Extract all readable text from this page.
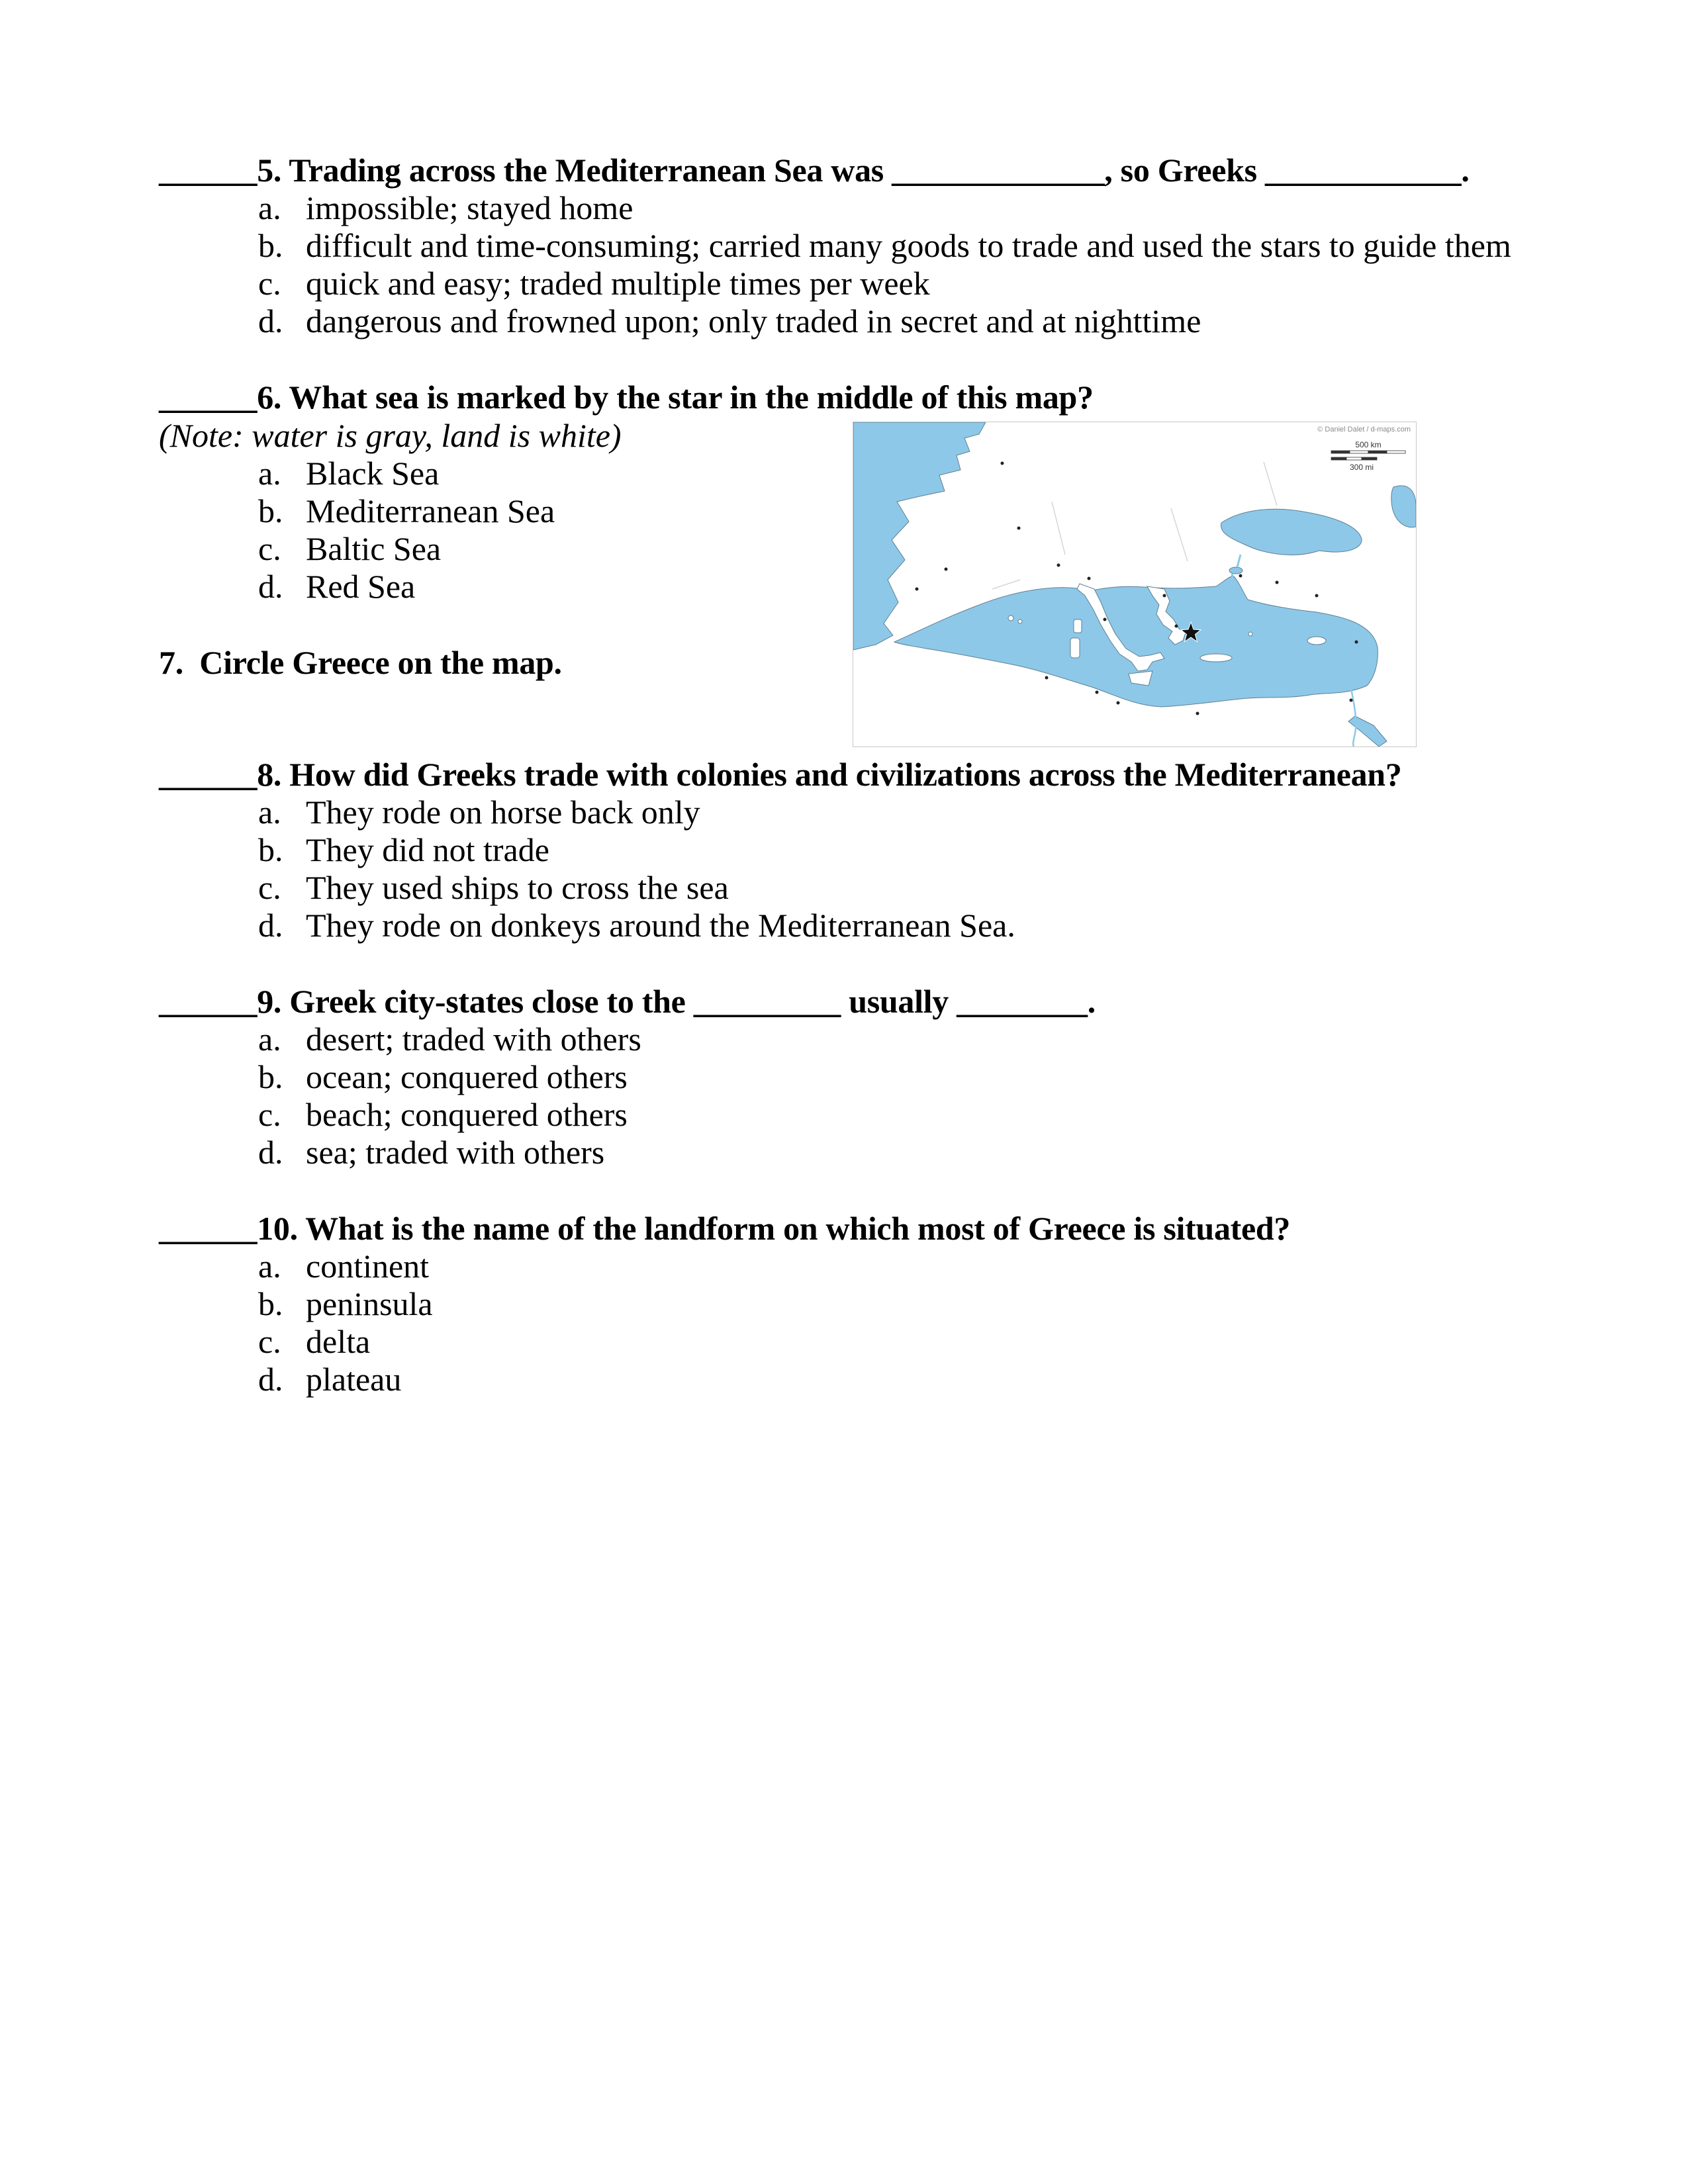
______5. Trading across the Mediterranean Sea was _____________, so Greeks ____________.
a. impossible; stayed home
b. difficult and time-consuming; carried many goods to trade and used the stars to guide them
c. quick and easy; traded multiple times per week
d. dangerous and frowned upon; only traded in secret and at nighttime
______6. What sea is marked by the star in the middle of this map?
© Daniel Dalet / d-maps.com
500 km
300 mi
(Note: water is gray, land is white)
a. Black Sea
b. Mediterranean Sea
c. Baltic Sea
d. Red Sea
7.  Circle Greece on the map.
______8. How did Greeks trade with colonies and civilizations across the Mediterranean?
a. They rode on horse back only
b. They did not trade
c. They used ships to cross the sea
d. They rode on donkeys around the Mediterranean Sea.
______9. Greek city-states close to the _________ usually ________.
a. desert; traded with others
b. ocean; conquered others
c. beach; conquered others
d. sea; traded with others
______10. What is the name of the landform on which most of Greece is situated?
a. continent
b. peninsula
c. delta
d. plateau
